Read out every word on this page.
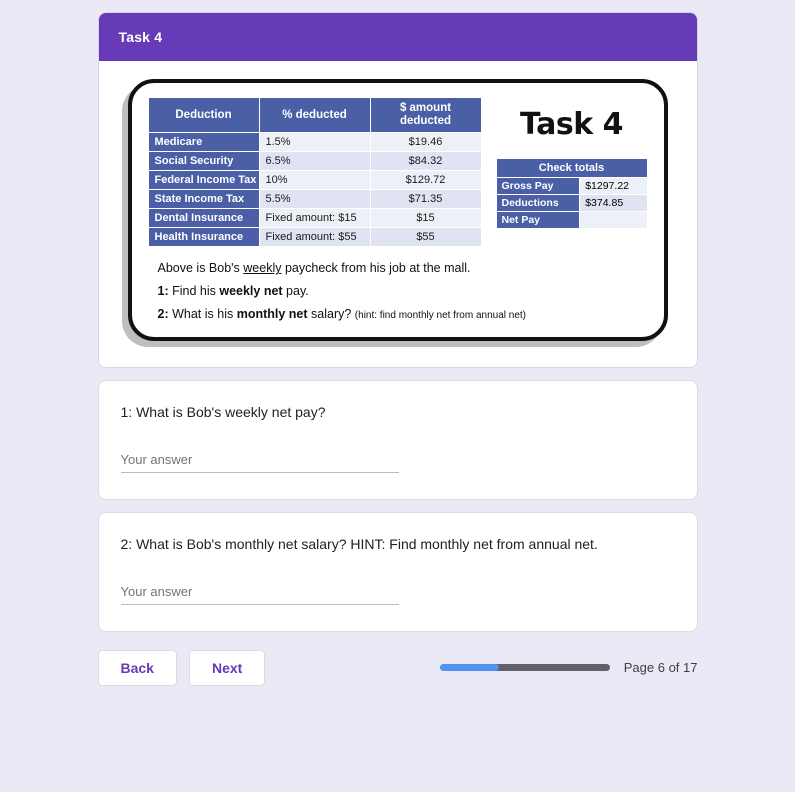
Task 4
Deduction	% deducted	$ amount deducted
Medicare	1.5%	$19.46
Social Security	6.5%	$84.32
Federal Income Tax	10%	$129.72
State Income Tax	5.5%	$71.35
Dental Insurance	Fixed amount: $15	$15
Health Insurance	Fixed amount: $55	$55
Task 4
Check totals	
Gross Pay	$1297.22
Deductions	$374.85
Net Pay	
Above is Bob's weekly paycheck from his job at the mall.
1: Find his weekly net pay.
2: What is his monthly net salary? (hint: find monthly net from annual net)
1: What is Bob's weekly net pay?
Your answer
2: What is Bob's monthly net salary? HINT: Find monthly net from annual net.
Your answer
Back	Next	Page 6 of 17
